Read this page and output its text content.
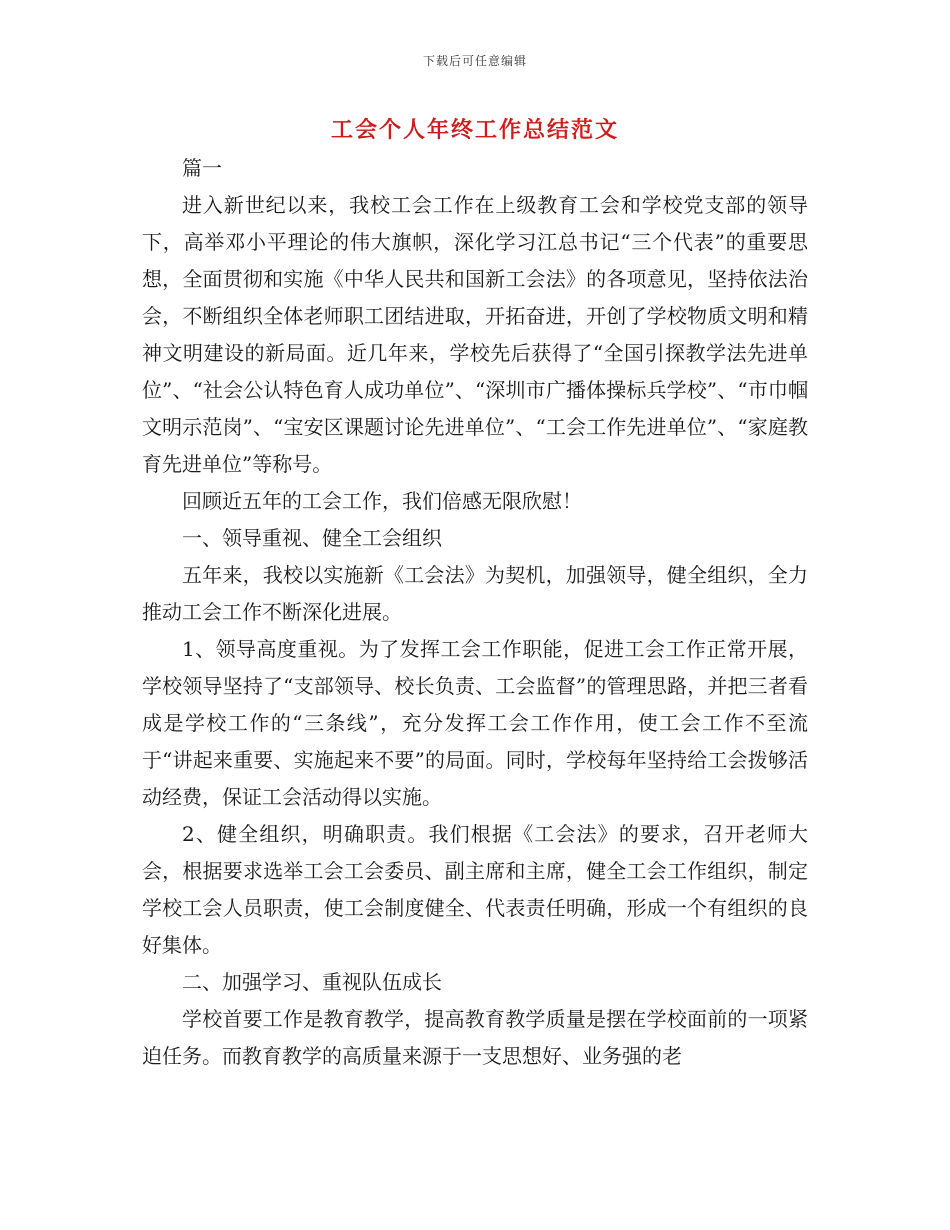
下载后可任意编辑
工会个人年终工作总结范文

篇一

进入新世纪以来，我校工会工作在上级教育工会和学校党支部的领导下，高举邓小平理论的伟大旗帜，深化学习江总书记“三个代表”的重要思想，全面贯彻和实施《中华人民共和国新工会法》的各项意见，坚持依法治会，不断组织全体老师职工团结进取，开拓奋进，开创了学校物质文明和精神文明建设的新局面。近几年来，学校先后获得了“全国引探教学法先进单位”、“社会公认特色育人成功单位”、“深圳市广播体操标兵学校”、“市巾帼文明示范岗”、“宝安区课题讨论先进单位”、“工会工作先进单位”、“家庭教育先进单位”等称号。

回顾近五年的工会工作，我们倍感无限欣慰！

一、领导重视、健全工会组织

五年来，我校以实施新《工会法》为契机，加强领导，健全组织，全力推动工会工作不断深化进展。

1、领导高度重视。为了发挥工会工作职能，促进工会工作正常开展，学校领导坚持了“支部领导、校长负责、工会监督”的管理思路，并把三者看成是学校工作的“三条线”，充分发挥工会工作作用，使工会工作不至流于“讲起来重要、实施起来不要”的局面。同时，学校每年坚持给工会拨够活动经费，保证工会活动得以实施。

2、健全组织，明确职责。我们根据《工会法》的要求，召开老师大会，根据要求选举工会工会委员、副主席和主席，健全工会工作组织，制定学校工会人员职责，使工会制度健全、代表责任明确，形成一个有组织的良好集体。

二、加强学习、重视队伍成长

学校首要工作是教育教学，提高教育教学质量是摆在学校面前的一项紧迫任务。而教育教学的高质量来源于一支思想好、业务强的老
